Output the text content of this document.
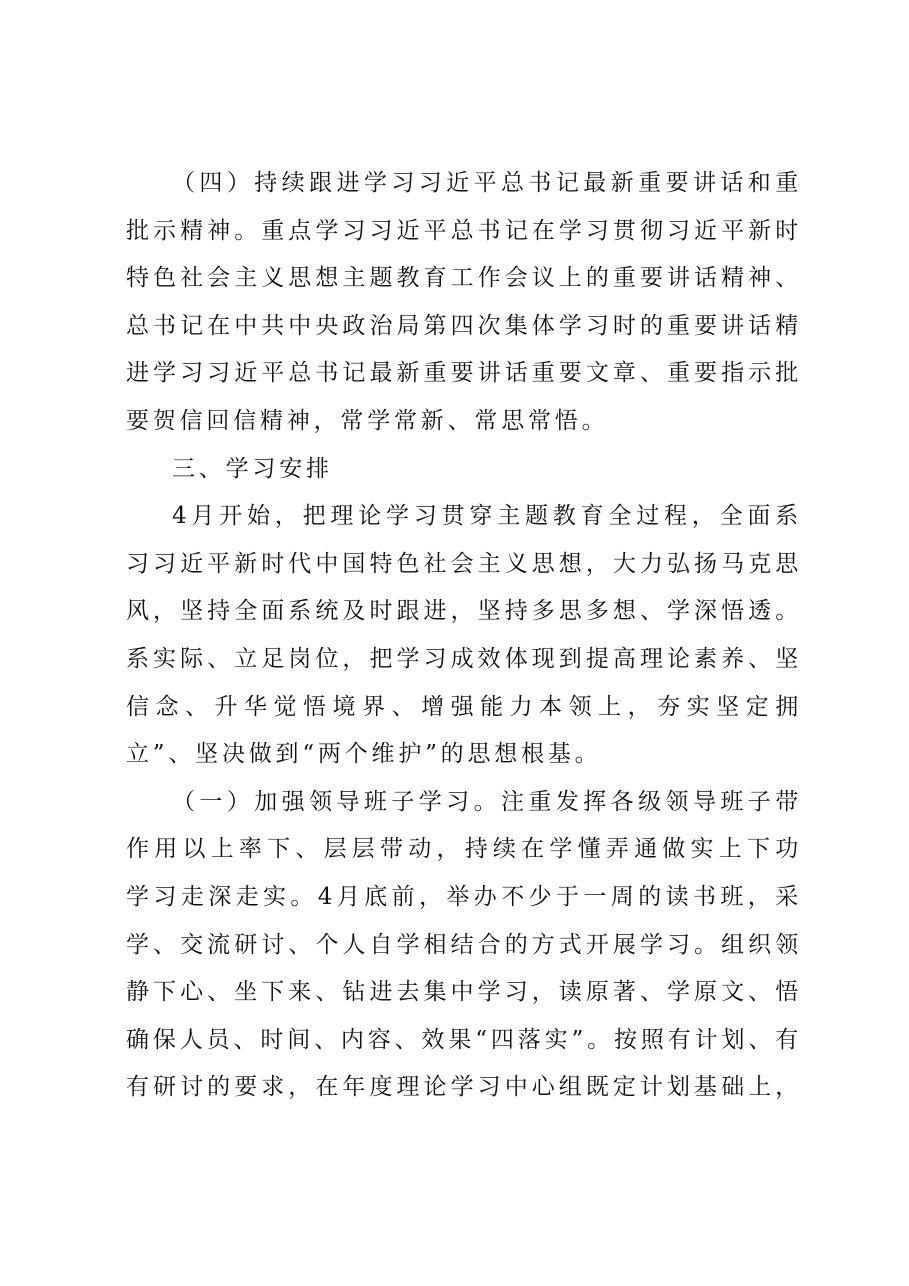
（四）持续跟进学习习近平总书记最新重要讲话和重
批示精神。重点学习习近平总书记在学习贯彻习近平新时
特色社会主义思想主题教育工作会议上的重要讲话精神、
总书记在中共中央政治局第四次集体学习时的重要讲话精
进学习习近平总书记最新重要讲话重要文章、重要指示批
要贺信回信精神，常学常新、常思常悟。
三、学习安排
4月开始，把理论学习贯穿主题教育全过程，全面系
习习近平新时代中国特色社会主义思想，大力弘扬马克思
风，坚持全面系统及时跟进，坚持多思多想、学深悟透。
系实际、立足岗位，把学习成效体现到提高理论素养、坚
信念、升华觉悟境界、增强能力本领上，夯实坚定拥
立”、坚决做到“两个维护”的思想根基。
（一）加强领导班子学习。注重发挥各级领导班子带
作用以上率下、层层带动，持续在学懂弄通做实上下功
学习走深走实。4月底前，举办不少于一周的读书班，采
学、交流研讨、个人自学相结合的方式开展学习。组织领
静下心、坐下来、钻进去集中学习，读原著、学原文、悟
确保人员、时间、内容、效果“四落实”。按照有计划、有
有研讨的要求，在年度理论学习中心组既定计划基础上，
